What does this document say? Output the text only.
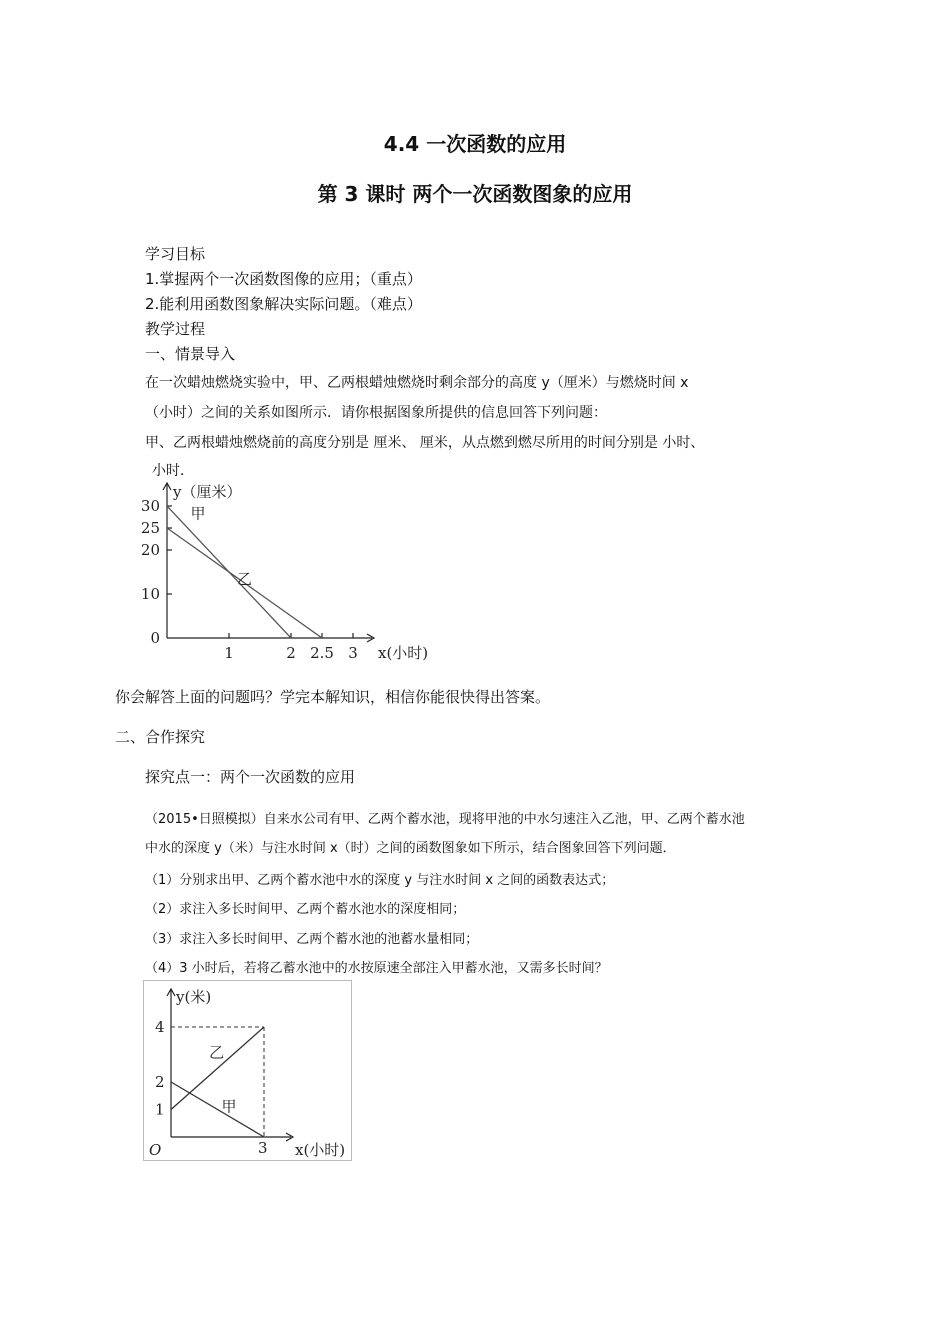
4.4 一次函数的应用
第 3 课时 两个一次函数图象的应用
学习目标
1.掌握两个一次函数图像的应用；（重点）
2.能利用函数图象解决实际问题。（难点）
教学过程
一、情景导入
在一次蜡烛燃烧实验中，甲、乙两根蜡烛燃烧时剩余部分的高度 y（厘米）与燃烧时间 x
（小时）之间的关系如图所示．请你根据图象所提供的信息回答下列问题：
甲、乙两根蜡烛燃烧前的高度分别是 厘米、 厘米，从点燃到燃尽所用的时间分别是 小时、
小时．
1	2 2.5 3
0
10
20
25
30
x(小时)
y（厘米）
甲
乙
你会解答上面的问题吗？学完本解知识，相信你能很快得出答案。
二、合作探究
探究点一：两个一次函数的应用
（2015•日照模拟）自来水公司有甲、乙两个蓄水池，现将甲池的中水匀速注入乙池，甲、乙两个蓄水池
中水的深度 y（米）与注水时间 x（时）之间的函数图象如下所示，结合图象回答下列问题．
（1）分别求出甲、乙两个蓄水池中水的深度 y 与注水时间 x 之间的函数表达式；
（2）求注入多长时间甲、乙两个蓄水池水的深度相同；
（3）求注入多长时间甲、乙两个蓄水池的池蓄水量相同；
（4）3 小时后，若将乙蓄水池中的水按原速全部注入甲蓄水池，又需多长时间？
O	3
1
2
4
x(小时)
y(米)
乙
甲
